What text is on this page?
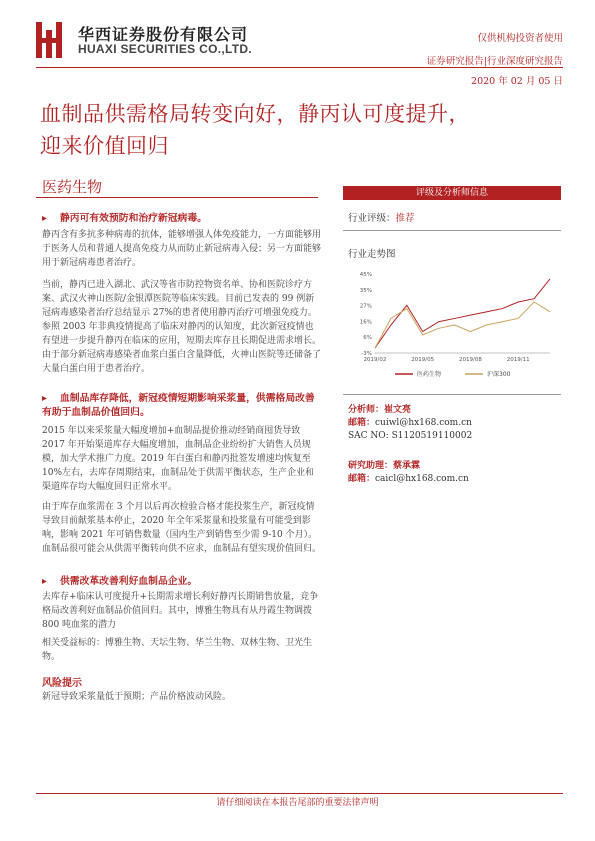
华西证券股份有限公司
HUAXI SECURITIES CO.,LTD.
仅供机构投资者使用
证券研究报告|行业深度研究报告
2020 年 02 月 05 日
血制品供需格局转变向好，静丙认可度提升，
迎来价值回归
医药生物
▸ 静丙可有效预防和治疗新冠病毒。
静丙含有多抗多种病毒的抗体，能够增强人体免疫能力，一方面能够用于医务人员和普通人提高免疫力从而防止新冠病毒入侵；另一方面能够用于新冠病毒患者治疗。
当前，静丙已进入湖北、武汉等省市防控物资名单、协和医院诊疗方案、武汉火神山医院/金银潭医院等临床实践。目前已发表的 99 例新冠病毒感染者治疗总结显示 27%的患者使用静丙治疗可增强免疫力。参照 2003 年非典疫情提高了临床对静丙的认知度，此次新冠疫情也有望进一步提升静丙在临床的应用，短期去库存且长期促进需求增长。由于部分新冠病毒感染者血浆白蛋白含量降低，火神山医院等还储备了大量白蛋白用于患者治疗。
▸ 血制品库存降低，新冠疫情短期影响采浆量，供需格局改善有助于血制品价值回归。
2015 年以来采浆量大幅度增加+血制品提价推动经销商囤货导致 2017 年开始渠道库存大幅度增加，血制品企业纷纷扩大销售人员规模，加大学术推广力度。2019 年白蛋白和静丙批签发增速均恢复至 10%左右，去库存周期结束，血制品处于供需平衡状态，生产企业和渠道库存均大幅度回归正常水平。
由于库存血浆需在 3 个月以后再次检验合格才能投浆生产，新冠疫情导致目前献浆基本停止，2020 年全年采浆量和投浆量有可能受到影响，影响 2021 年可销售数量（国内生产到销售至少需 9-10 个月）。血制品很可能会从供需平衡转向供不应求，血制品有望实现价值回归。
▸ 供需改革改善利好血制品企业。
去库存+临床认可度提升+长期需求增长利好静丙长期销售放量，竞争格局改善利好血制品价值回归。其中，博雅生物具有从丹霞生物调拨 800 吨血浆的潜力
相关受益标的：博雅生物、天坛生物、华兰生物、双林生物、卫光生物。
风险提示
新冠导致采浆量低于预期；产品价格波动风险。
评级及分析师信息
行业评级：推荐
行业走势图
-3%
6%
16%
27%
35%
45%
2019/02	2019/05	2019/08	2019/11
医药生物	沪深300
分析师：崔文亮
邮箱：cuiwl@hx168.com.cn
SAC NO: S1120519110002
研究助理：蔡承霖
邮箱：caicl@hx168.com.cn
请仔细阅读在本报告尾部的重要法律声明
